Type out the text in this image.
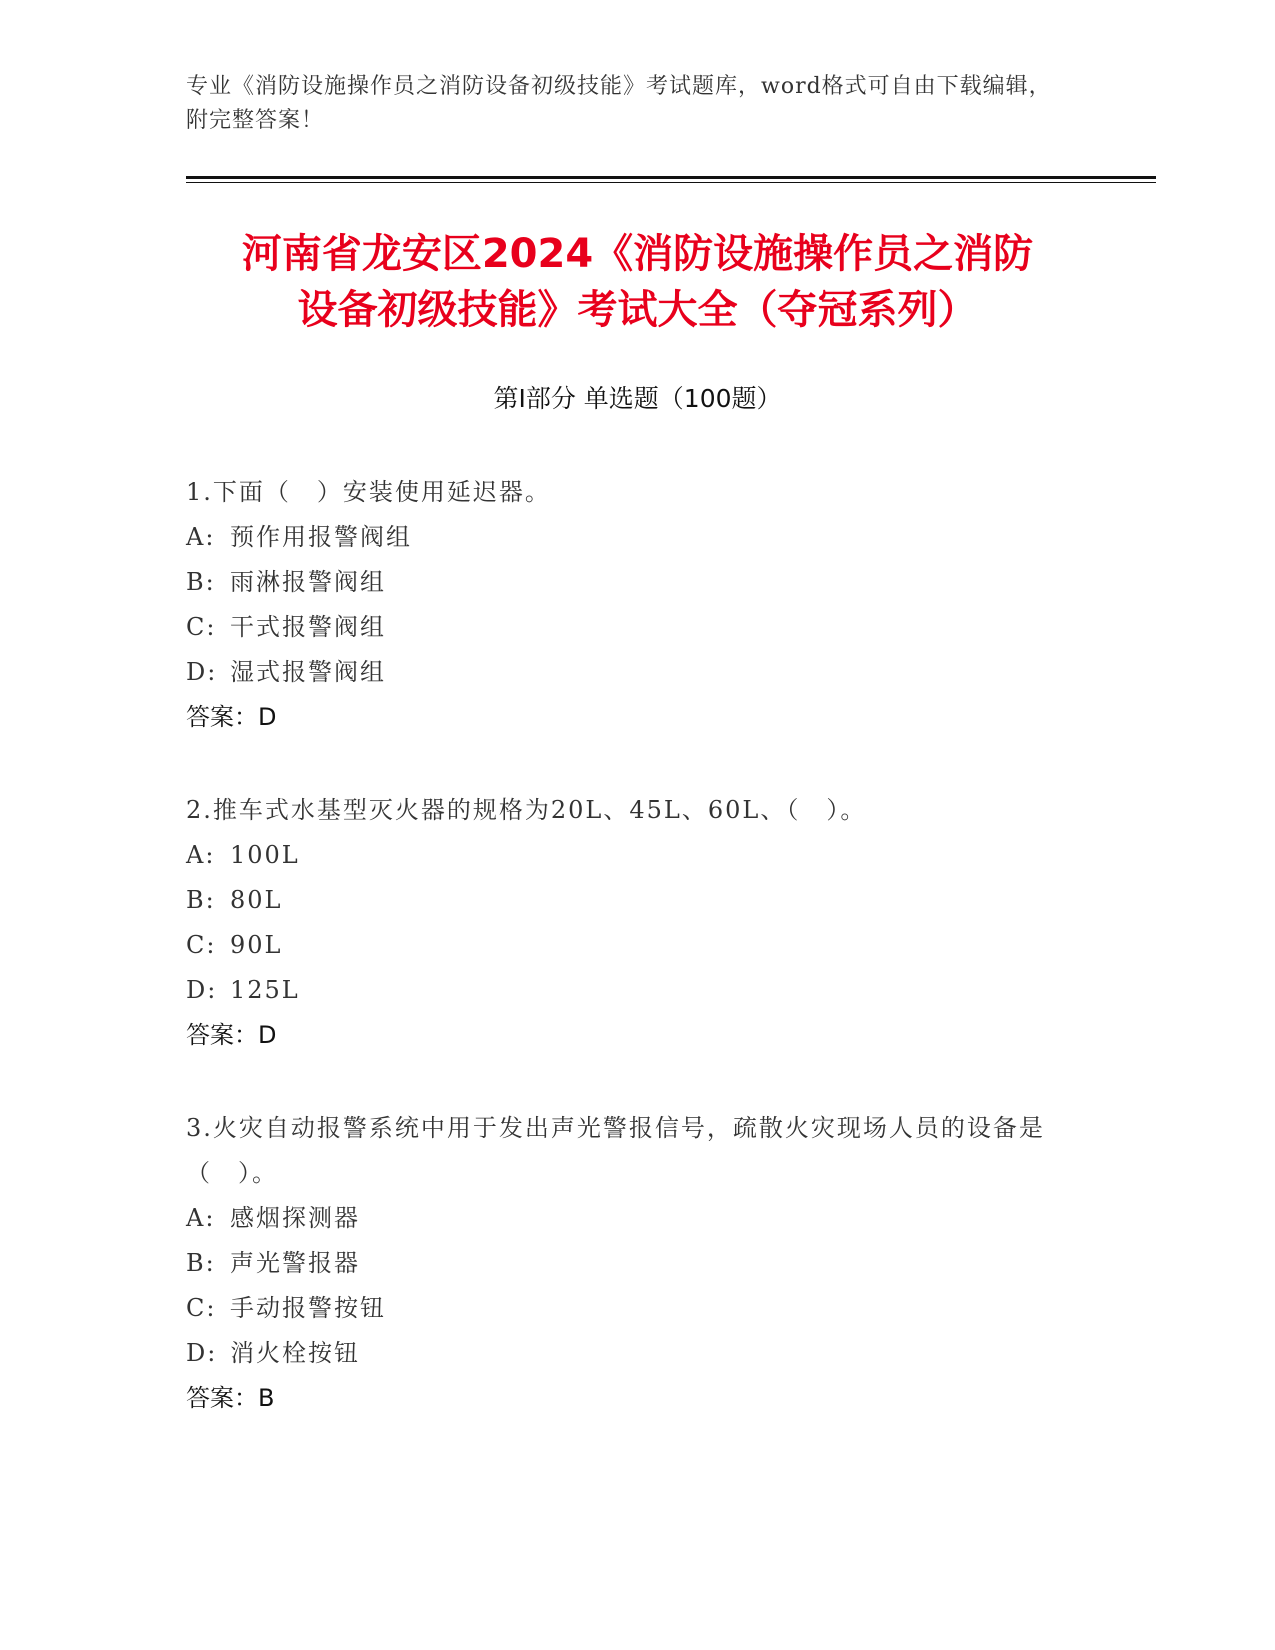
专业《消防设施操作员之消防设备初级技能》考试题库，word格式可自由下载编辑，附完整答案！
河南省龙安区2024《消防设施操作员之消防
设备初级技能》考试大全（夺冠系列）
第I部分 单选题（100题）
1.下面（　）安装使用延迟器。
A: 预作用报警阀组
B: 雨淋报警阀组
C: 干式报警阀组
D: 湿式报警阀组
答案：D
2.推车式水基型灭火器的规格为20L、45L、60L、（　）。
A: 100L
B: 80L
C: 90L
D: 125L
答案：D
3.火灾自动报警系统中用于发出声光警报信号，疏散火灾现场人员的设备是（　）。
A: 感烟探测器
B: 声光警报器
C: 手动报警按钮
D: 消火栓按钮
答案：B
